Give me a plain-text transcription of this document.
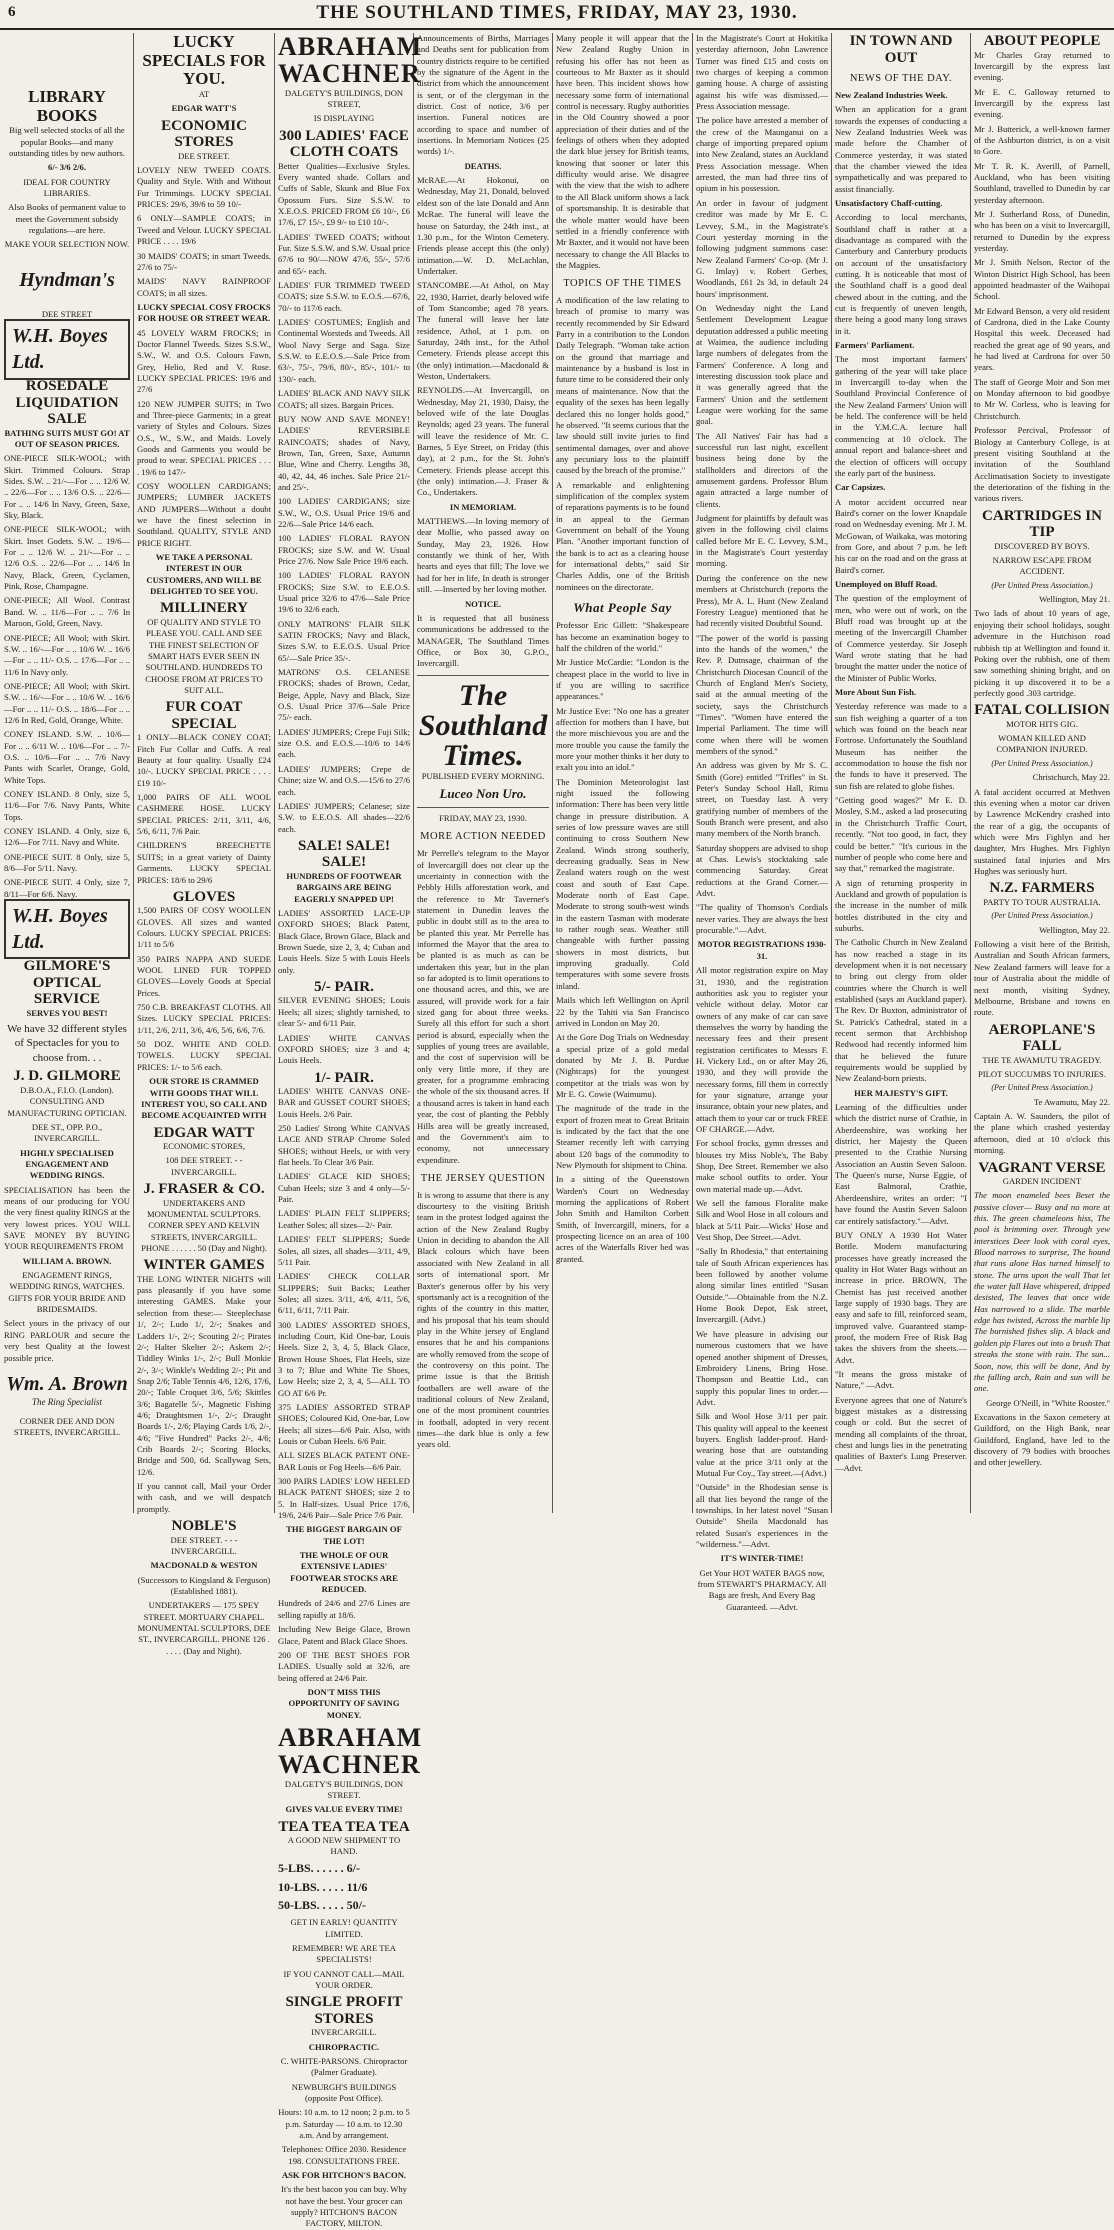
6	THE SOUTHLAND TIMES, FRIDAY, MAY 23, 1930.
LIBRARY BOOKS

Big well selected stocks of all the popular Books—and many outstanding titles by new authors.

6/- 3/6 2/6.

IDEAL FOR COUNTRY LIBRARIES.

Also Books of permanent value to meet the Government subsidy regulations—are here.

MAKE YOUR SELECTION NOW.

Hyndman's

DEE STREET

W.H. Boyes Ltd.
ROSEDALE LIQUIDATION SALE

BATHING SUITS MUST GO! AT OUT OF SEASON PRICES.

ONE-PIECE SILK-WOOL; with Skirt. Trimmed Colours. Strap Sides. S.W. .. 21/-—For .. .. 12/6 W. .. 22/6—For .. .. 13/6 O.S. .. 22/6—For .. .. 14/6 In Navy, Green, Saxe, Sky, Black.

ONE-PIECE SILK-WOOL; with Skirt. Inset Godets. S.W. .. 19/6—For .. .. 12/6 W. .. 21/-—For .. .. 12/6 O.S. .. 22/6—For .. .. 14/6 In Navy, Black, Green, Cyclamen, Pink, Rose, Champagne.

ONE-PIECE; All Wool. Contrast Band. W. .. 11/6—For .. .. 7/6 In Maroon, Gold, Green, Navy.

ONE-PIECE; All Wool; with Skirt. S.W. .. 16/-—For .. .. 10/6 W. .. 16/6—For .. .. 11/- O.S. .. 17/6—For .. .. 11/6 In Navy only.

ONE-PIECE; All Wool; with Skirt. S.W. .. 16/-—For .. .. 10/6 W. .. 16/6—For .. .. 11/- O.S. .. 18/6—For .. .. 12/6 In Red, Gold, Orange, White.

CONEY ISLAND. S.W. .. 10/6—For .. .. 6/11 W. .. 10/6—For .. .. 7/- O.S. .. 10/6—For .. .. 7/6 Navy Pants with Scarlet, Orange, Gold, White Tops.

CONEY ISLAND. 8 Only, size 5, 11/6—For 7/6. Navy Pants, White Tops.

CONEY ISLAND. 4 Only, size 6, 12/6—For 7/11. Navy and White.

ONE-PIECE SUIT. 8 Only, size 5, 8/6—For 5/11. Navy.

ONE-PIECE SUIT. 4 Only, size 7, 8/11—For 6/6. Navy.

W.H. Boyes Ltd.
GILMORE'S OPTICAL SERVICE

SERVES YOU BEST!

We have 32 different styles of Spectacles for you to choose from. . .

J. D. GILMORE

D.B.O.A., F.I.O. (London). CONSULTING AND MANUFACTURING OPTICIAN.

DEE ST., OPP. P.O., INVERCARGILL.

HIGHLY SPECIALISED ENGAGEMENT AND WEDDING RINGS.

SPECIALISATION has been the means of our producing for YOU the very finest quality RINGS at the very lowest prices. YOU WILL SAVE MONEY BY BUYING YOUR REQUIREMENTS FROM

WILLIAM A. BROWN.

ENGAGEMENT RINGS, WEDDING RINGS, WATCHES. GIFTS FOR YOUR BRIDE AND BRIDESMAIDS.

Select yours in the privacy of our RING PARLOUR and secure the very best Quality at the lowest possible price.

Wm. A. Brown
The Ring Specialist

CORNER DEE AND DON STREETS, INVERCARGILL.

LUCKY SPECIALS FOR YOU.

AT

EDGAR WATT'S

ECONOMIC STORES

DEE STREET.

LOVELY NEW TWEED COATS. Quality and Style. With and Without Fur Trimmings. LUCKY SPECIAL PRICES: 29/6, 39/6 to 59 10/-

6 ONLY—SAMPLE COATS; in Tweed and Velour. LUCKY SPECIAL PRICE . . . . 19/6

30 MAIDS' COATS; in smart Tweeds. 27/6 to 75/-

MAIDS' NAVY RAINPROOF COATS; in all sizes.

LUCKY SPECIAL COSY FROCKS FOR HOUSE OR STREET WEAR.

45 LOVELY WARM FROCKS; in Doctor Flannel Tweeds. Sizes S.S.W., S.W., W. and O.S. Colours Fawn, Grey, Helio, Red and V. Rose. LUCKY SPECIAL PRICES: 19/6 and 27/6

120 NEW JUMPER SUITS; in Two and Three-piece Garments; in a great variety of Styles and Colours. Sizes O.S., W., S.W., and Maids. Lovely Goods and Garments you would be proud to wear. SPECIAL PRICES . . . . 19/6 to 147/-

COSY WOOLLEN CARDIGANS; JUMPERS; LUMBER JACKETS AND JUMPERS—Without a doubt we have the finest selection in Southland. QUALITY, STYLE AND PRICE RIGHT.

WE TAKE A PERSONAL INTEREST IN OUR CUSTOMERS, AND WILL BE DELIGHTED TO SEE YOU.

MILLINERY

OF QUALITY AND STYLE TO PLEASE YOU. CALL AND SEE THE FINEST SELECTION OF SMART HATS EVER SEEN IN SOUTHLAND. HUNDREDS TO CHOOSE FROM AT PRICES TO SUIT ALL.

FUR COAT SPECIAL

1 ONLY—BLACK CONEY COAT; Fitch Fur Collar and Cuffs. A real Beauty at four quality. Usually £24 10/-. LUCKY SPECIAL PRICE . . . . £19 10/-

1,000 PAIRS OF ALL WOOL CASHMERE HOSE. LUCKY SPECIAL PRICES: 2/11, 3/11, 4/6, 5/6, 6/11, 7/6 Pair.

CHILDREN'S BREECHETTE SUITS; in a great variety of Dainty Garments. LUCKY SPECIAL PRICES: 18/6 to 29/6

GLOVES

1,500 PAIRS OF COSY WOOLLEN GLOVES. All sizes and wanted Colours. LUCKY SPECIAL PRICES: 1/11 to 5/6

350 PAIRS NAPPA AND SUEDE WOOL LINED FUR TOPPED GLOVES—Lovely Goods at Special Prices.

750 C.B. BREAKFAST CLOTHS. All Sizes. LUCKY SPECIAL PRICES: 1/11, 2/6, 2/11, 3/6, 4/6, 5/6, 6/6, 7/6.

50 DOZ. WHITE AND COLD. TOWELS. LUCKY SPECIAL PRICES: 1/- to 5/6 each.

OUR STORE IS CRAMMED WITH GOODS THAT WILL INTEREST YOU, SO CALL AND BECOME ACQUAINTED WITH

EDGAR WATT

ECONOMIC STORES,

108 DEE STREET. - - INVERCARGILL.

J. FRASER & CO.

UNDERTAKERS AND MONUMENTAL SCULPTORS. CORNER SPEY AND KELVIN STREETS, INVERCARGILL. PHONE . . . . . . 50 (Day and Night).

WINTER GAMES

THE LONG WINTER NIGHTS will pass pleasantly if you have some interesting GAMES. Make your selection from these:— Steeplechase 1/, 2/-; Ludo 1/, 2/-; Snakes and Ladders 1/-, 2/-; Scouting 2/-; Pirates 2/-; Halter Skelter 2/-; Askem 2/-; Tiddley Winks 1/-, 2/-; Bull Monkie 2/-, 3/-; Winkle's Wedding 2/-; Pit and Snap 2/6; Table Tennis 4/6, 12/6, 17/6, 20/-; Table Croquet 3/6, 5/6; Skittles 3/6; Bagatelle 5/-, Magnetic Fishing 4/6; Draughtsmen 1/-, 2/-; Draught Boards 1/-, 2/6; Playing Cards 1/6, 2/-, 4/6; "Five Hundred" Packs 2/-, 4/6; Crib Boards 2/-; Scoring Blocks, Bridge and 500, 6d. Scallywag Sets, 12/6.

If you cannot call, Mail your Order with cash, and we will despatch promptly.

NOBLE'S

DEE STREET. - - - INVERCARGILL.

MACDONALD & WESTON

(Successors to Kingsland & Ferguson) (Established 1881).

UNDERTAKERS — 175 SPEY STREET. MORTUARY CHAPEL. MONUMENTAL SCULPTORS, DEE ST., INVERCARGILL. PHONE 126 . . . . . (Day and Night).

ABRAHAM WACHNER

DALGETY'S BUILDINGS, DON STREET,

IS DISPLAYING

300 LADIES' FACE CLOTH COATS

Better Qualities—Exclusive Styles. Every wanted shade. Collars and Cuffs of Sable, Skunk and Blue Fox Opossum Furs. Size S.S.W. to X.E.O.S. PRICED FROM £6 10/-, £6 17/6, £7 15/-, £9 9/- to £10 10/-.

LADIES' TWEED COATS; without Fur. Size S.S.W. and S.W. Usual price 67/6 to 90/—NOW 47/6, 55/-, 57/6 and 65/- each.

LADIES' FUR TRIMMED TWEED COATS; size S.S.W. to E.O.S.—67/6, 70/- to 117/6 each.

LADIES' COSTUMES; English and Continental Worsteds and Tweeds. All Wool Navy Serge and Saga. Size S.S.W. to E.E.O.S.—Sale Price from 63/-, 75/-, 79/6, 80/-, 85/-, 101/- to 130/- each.

LADIES' BLACK AND NAVY SILK COATS; all sizes. Bargain Prices.

BUY NOW AND SAVE MONEY! LADIES' REVERSIBLE RAINCOATS; shades of Navy, Brown, Tan, Green, Saxe, Autumn Blue, Wine and Cherry. Lengths 38, 40, 42, 44, 46 inches. Sale Price 21/- and 25/-.

100 LADIES' CARDIGANS; size S.W., W., O.S. Usual Price 19/6 and 22/6—Sale Price 14/6 each.

100 LADIES' FLORAL RAYON FROCKS; size S.W. and W. Usual Price 27/6. Now Sale Price 19/6 each.

100 LADIES' FLORAL RAYON FROCKS; Size S.W. to E.E.O.S. Usual price 32/6 to 47/6—Sale Price 19/6 to 32/6 each.

ONLY MATRONS' FLAIR SILK SATIN FROCKS; Navy and Black, Sizes S.W. to E.E.O.S. Usual Price 65/—Sale Price 35/-.

MATRONS' O.S. CELANESE FROCKS; shades of Brown, Cedar, Beige, Apple, Navy and Black, Size O.S. Usual Price 37/6—Sale Price 75/- each.

LADIES' JUMPERS; Crepe Fuji Silk; size O.S. and E.O.S.—10/6 to 14/6 each.

LADIES' JUMPERS; Crepe de Chine; size W. and O.S.—15/6 to 27/6 each.

LADIES' JUMPERS; Celanese; size S.W. to E.E.O.S. All shades—22/6 each.

SALE! SALE! SALE!

HUNDREDS OF FOOTWEAR BARGAINS ARE BEING EAGERLY SNAPPED UP!

LADIES' ASSORTED LACE-UP OXFORD SHOES; Black Patent, Black Glace, Brown Glace, Black and Brown Suede, size 2, 3, 4; Cuban and Louis Heels. Size 5 with Louis Heels only.

5/- PAIR.

SILVER EVENING SHOES; Louis Heels; all sizes; slightly tarnished, to clear 5/- and 6/11 Pair.

LADIES' WHITE CANVAS OXFORD SHOES; size 3 and 4; Louis Heels.

1/- PAIR.

LADIES' WHITE CANVAS ONE-BAR and GUSSET COURT SHOES; Louis Heels. 2/6 Pair.

250 Ladies' Strong White CANVAS LACE AND STRAP Chrome Soled SHOES; without Heels, or with very flat heels. To Clear 3/6 Pair.

LADIES' GLACE KID SHOES; Cuban Heels; size 3 and 4 only—5/- Pair.

LADIES' PLAIN FELT SLIPPERS; Leather Soles; all sizes—2/- Pair.

LADIES' FELT SLIPPERS; Suede Soles, all sizes, all shades—3/11, 4/9, 5/11 Pair.

LADIES' CHECK COLLAR SLIPPERS; Suit Backs; Leather Soles; all sizes. 3/11, 4/6, 4/11, 5/6, 6/11, 6/11, 7/11 Pair.

300 LADIES' ASSORTED SHOES, including Court, Kid One-bar, Louis Heels. Size 2, 3, 4, 5, Black Glace, Brown House Shoes, Flat Heels, size 3 to 7; Blue and White Tie Shoes, Low Heels; size 2, 3, 4, 5—ALL TO GO AT 6/6 Pr.

375 LADIES' ASSORTED STRAP SHOES; Coloured Kid, One-bar, Low Heels; all sizes—6/6 Pair. Also, with Louis or Cuban Heels. 6/6 Pair.

ALL SIZES BLACK PATENT ONE-BAR Louis or Fog Heels—6/6 Pair.

300 PAIRS LADIES' LOW HEELED BLACK PATENT SHOES; size 2 to 5. In Half-sizes. Usual Price 17/6, 19/6, 24/6 Pair—Sale Price 7/6 Pair.

THE BIGGEST BARGAIN OF THE LOT!

THE WHOLE OF OUR EXTENSIVE LADIES' FOOTWEAR STOCKS ARE REDUCED.

Hundreds of 24/6 and 27/6 Lines are selling rapidly at 18/6.

Including New Beige Glace, Brown Glace, Patent and Black Glace Shoes.

200 OF THE BEST SHOES FOR LADIES. Usually sold at 32/6, are being offered at 24/6 Pair.

DON'T MISS THIS OPPORTUNITY OF SAVING MONEY.

ABRAHAM WACHNER

DALGETY'S BUILDINGS, DON STREET.

GIVES VALUE EVERY TIME!

TEA TEA TEA TEA

A GOOD NEW SHIPMENT TO HAND.

5-LBS. . . . . . 6/-

10-LBS. . . . . 11/6

50-LBS. . . . . 50/-

GET IN EARLY! QUANTITY LIMITED.

REMEMBER! WE ARE TEA SPECIALISTS!

IF YOU CANNOT CALL—MAIL YOUR ORDER.

SINGLE PROFIT STORES

INVERCARGILL.

CHIROPRACTIC.

C. WHITE-PARSONS. Chiropractor (Palmer Graduate).

NEWBURGH'S BUILDINGS (opposite Post Office).

Hours: 10 a.m. to 12 noon; 2 p.m. to 5 p.m. Saturday — 10 a.m. to 12.30 a.m. And by arrangement.

Telephones: Office 2030. Residence 198. CONSULTATIONS FREE.

ASK FOR HITCHON'S BACON.

It's the best bacon you can buy. Why not have the best. Your grocer can supply? HITCHON'S BACON FACTORY, MILTON.

Announcements of Births, Marriages and Deaths sent for publication from country districts require to be certified by the signature of the Agent in the district from which the announcement is sent, or of the clergyman in the district. Cost of notice, 3/6 per insertion. Funeral notices are according to space and number of insertions. In Memoriam Notices (25 words) 1/-.

DEATHS.

McRAE.—At Hokonui, on Wednesday, May 21, Donald, beloved eldest son of the late Donald and Ann McRae. The funeral will leave the house on Saturday, the 24th inst., at 1.30 p.m., for the Winton Cemetery. Friends please accept this (the only) intimation.—W. D. McLachlan, Undertaker.

STANCOMBE.—At Athol, on May 22, 1930, Harriet, dearly beloved wife of Tom Stancombe; aged 78 years. The funeral will leave her late residence, Athol, at 1 p.m. on Saturday, 24th inst., for the Athol Cemetery. Friends please accept this (the only) intimation.—Macdonald & Weston, Undertakers.

REYNOLDS.—At Invercargill, on Wednesday, May 21, 1930, Daisy, the beloved wife of the late Douglas Reynolds; aged 23 years. The funeral will leave the residence of Mr. C. Barnes, 5 Eye Street, on Friday (this day), at 2 p.m., for the St. John's Cemetery. Friends please accept this (the only) intimation.—J. Fraser & Co., Undertakers.

IN MEMORIAM.

MATTHEWS.—In loving memory of dear Mollie, who passed away on Sunday, May 23, 1926. How constantly we think of her, With hearts and eyes that fill; The love we had for her in life, In death is stronger still. —Inserted by her loving mother.

NOTICE.

It is requested that all business communications be addressed to the MANAGER, The Southland Times Office, or Box 30, G.P.O., Invercargill.

The Southland Times.

PUBLISHED EVERY MORNING.

Luceo Non Uro.

FRIDAY, MAY 23, 1930.

MORE ACTION NEEDED

Mr Perrelle's telegram to the Mayor of Invercargill does not clear up the uncertainty in connection with the Pebbly Hills afforestation work, and the reference to Mr Taverner's statement in Dunedin leaves the public in doubt still as to the area to be planted this year. Mr Perrelle has informed the Mayor that the area to be planted is as much as can be undertaken this year, but in the plan so far adopted is to limit operations to one thousand acres, and this, we are assured, will provide work for a fair sized gang for about three weeks. Surely all this effort for such a short period is absurd, especially when the supplies of young trees are available, and the cost of supervision will be only very little more, if they are greater, for a programme embracing the whole of the six thousand acres. If a thousand acres is taken in hand each year, the cost of planting the Pebbly Hills area will be greatly increased, and the Government's aim to economy, not unnecessary expenditure.

THE JERSEY QUESTION

It is wrong to assume that there is any discourtesy to the visiting British team in the protest lodged against the action of the New Zealand Rugby Union in deciding to abandon the All Black colours which have been associated with New Zealand in all sorts of international sport. Mr Baxter's generous offer by his very sportsmanly act is a recognition of the rights of the country in this matter, and his proposal that his team should play in the White jersey of England ensures that he and his companions are wholly removed from the scope of the controversy on this point. The prime issue is that the British footballers are well aware of the traditional colours of New Zealand, one of the most prominent countries in football, adopted in very recent times—the dark blue is only a few years old.

Many people it will appear that the New Zealand Rugby Union in refusing his offer has not been as courteous to Mr Baxter as it should have been. This incident shows how necessary some form of international control is necessary. Rugby authorities in the Old Country showed a poor appreciation of their duties and of the feelings of others when they adopted the dark blue jersey for British teams, knowing that sooner or later this difficulty would arise. We disagree with the view that the wish to adhere to the All Black uniform shows a lack of sportsmanship. It is desirable that the whole matter would have been settled in a friendly conference with Mr Baxter, and it would not have been necessary to change the All Blacks to the Magpies.

TOPICS OF THE TIMES

A modification of the law relating to breach of promise to marry was recently recommended by Sir Edward Parry in a contribution to the London Daily Telegraph. "Woman take action on the ground that marriage and maintenance by a husband is lost in future time to be considered their only means of maintenance. Now that the equality of the sexes has been legally declared this no longer holds good," he observed. "It seems curious that the law should still invite juries to find sentimental damages, over and above any pecuniary loss to the plaintiff caused by the breach of the promise."

A remarkable and enlightening simplification of the complex system of reparations payments is to be found in an appeal to the German Government on behalf of the Young Plan. "Another important function of the bank is to act as a clearing house for international debts," said Sir Charles Addis, one of the British nominees on the directorate.

What People Say

Professor Eric Gillett: "Shakespeare has become an examination bogey to half the children of the world."

Mr Justice McCardie: "London is the cheapest place in the world to live in if you are willing to sacrifice appearances."

Mr Justice Eve: "No one has a greater affection for mothers than I have, but the more mischievous you are and the more trouble you cause the family the more your mother thinks it her duty to exalt you into an idol."

The Dominion Meteorologist last night issued the following information: There has been very little change in pressure distribution. A series of low pressure waves are still continuing to cross Southern New Zealand. Winds strong southerly, decreasing gradually. Seas in New Zealand waters rough on the west coast and south of East Cape. Moderate north of East Cape. Moderate to strong south-west winds in the eastern Tasman with moderate to rather rough seas. Weather still changeable with further passing showers in most districts, but improving gradually. Cold temperatures with some severe frosts inland.

Mails which left Wellington on April 22 by the Tahiti via San Francisco arrived in London on May 20.

At the Gore Dog Trials on Wednesday a special prize of a gold medal donated by Mr J. B. Purdue (Nightcaps) for the youngest competitor at the trials was won by Mr E. G. Cowie (Waimumu).

The magnitude of the trade in the export of frozen meat to Great Britain is indicated by the fact that the one Steamer recently left with carrying about 120 bags of the commodity to New Plymouth for shipment to China.

In a sitting of the Queenstown Warden's Court on Wednesday morning the applications of Robert John Smith and Hamilton Corbett Smith, of Invercargill, miners, for a prospecting licence on an area of 100 acres of the Waterfalls River bed was granted.

In the Magistrate's Court at Hokitika yesterday afternoon, John Lawrence Turner was fined £15 and costs on two charges of keeping a common gaming house. A charge of assisting against his wife was dismissed.—Press Association message.

The police have arrested a member of the crew of the Maunganui on a charge of importing prepared opium into New Zealand, states an Auckland Press Association message. When arrested, the man had three tins of opium in his possession.

An order in favour of judgment creditor was made by Mr E. C. Levvey, S.M., in the Magistrate's Court yesterday morning in the following judgment summons case: New Zealand Farmers' Co-op. (Mr J. G. Imlay) v. Robert Gerbes, Woodlands, £61 2s 3d, in default 24 hours' imprisonment.

On Wednesday night the Land Settlement Development League deputation addressed a public meeting at Waimea, the audience including large numbers of delegates from the Farmers' Conference. A long and interesting discussion took place and it was generally agreed that the Farmers' Union and the settlement League were working for the same goal.

The All Natives' Fair has had a successful run last night, excellent business being done by the stallholders and directors of the amusement gardens. Professor Blum again attracted a large number of clients.

Judgment for plaintiffs by default was given in the following civil claims called before Mr E. C. Levvey, S.M., in the Magistrate's Court yesterday morning.

During the conference on the new members at Christchurch (reports the Press), Mr A. L. Hunt (New Zealand Forestry League) mentioned that he had recently visited Doubtful Sound.

"The power of the world is passing into the hands of the women," the Rev. P. Dutnsage, chairman of the Christchurch Diocesan Council of the Church of England Men's Society, said at the annual meeting of the society, says the Christchurch "Times". "Women have entered the Imperial Parliament. The time will come when there will be women members of the synod."

An address was given by Mr S. C. Smith (Gore) entitled "Trifles" in St. Peter's Sunday School Hall, Rimu street, on Tuesday last. A very gratifying number of members of the South Branch were present, and also many members of the North branch.

Saturday shoppers are advised to shop at Chas. Lewis's stocktaking sale commencing Saturday. Great reductions at the Grand Corner.—Advt.

"The quality of Thomson's Cordials never varies. They are always the best procurable."—Advt.

MOTOR REGISTRATIONS 1930-31.

All motor registration expire on May 31, 1930, and the registration authorities ask you to register your vehicle without delay. Motor car owners of any make of car can save themselves the worry by handing the necessary fees and their present registration certificates to Messrs F. H. Vickery Ltd., on or after May 26, 1930, and they will provide the necessary forms, fill them in correctly for your signature, arrange your insurance, obtain your new plates, and attach them to your car or truck FREE OF CHARGE.—Advt.

For school frocks, gymn dresses and blouses try Miss Noble's, The Baby Shop, Dee Street. Remember we also make school outfits to order. Your own material made up.—Advt.

We sell the famous Floralite make Silk and Wool Hose in all colours and black at 5/11 Pair.—Wicks' Hose and Vest Shop, Dee Street.—Advt.

"Sally In Rhodesia," that entertaining tale of South African experiences has been followed by another volume along similar lines entitled "Susan Outside."—Obtainable from the N.Z. Home Book Depot, Esk street, Invercargill. (Advt.)

We have pleasure in advising our numerous customers that we have opened another shipment of Dresses, Embroidery Linens, Bring Hose. Thompson and Beattie Ltd., can supply this popular lines to order.—Advt.

Silk and Wool Hose 3/11 per pair. This quality will appeal to the keenest buyers. English ladder-proof. Hard-wearing hose that are outstanding value at the price 3/11 only at the Mutual Fur Coy., Tay street.—(Advt.)

"Outside" in the Rhodesian sense is all that lies beyond the range of the townships. In her latest novel "Susan Outside" Sheila Macdonald has related Susan's experiences in the "wilderness."—Advt.

IT'S WINTER-TIME!

Get Your HOT WATER BAGS now, from STEWART'S PHARMACY. All Bags are fresh, And Every Bag Guaranteed. —Advt.

IN TOWN AND OUT
NEWS OF THE DAY.

New Zealand Industries Week.

When an application for a grant towards the expenses of conducting a New Zealand Industries Week was made before the Chamber of Commerce yesterday, it was stated that the chamber viewed the idea sympathetically and was prepared to assist financially.

Unsatisfactory Chaff-cutting.

According to local merchants, Southland chaff is rather at a disadvantage as compared with the Canterbury and Canterbury products on account of the unsatisfactory cutting. It is noticeable that most of the Southland chaff is a good deal chewed about in the cutting, and the cut is frequently of uneven length, there being a good many long straws in it.

Farmers' Parliament.

The most important farmers' gathering of the year will take place in Invercargill to-day when the Southland Provincial Conference of the New Zealand Farmers' Union will be held. The conference will be held in the Y.M.C.A. lecture hall commencing at 10 o'clock. The annual report and balance-sheet and the election of officers will occupy the early part of the business.

Car Capsizes.

A motor accident occurred near Baird's corner on the lower Knapdale road on Wednesday evening. Mr J. M. McGowan, of Waikaka, was motoring from Gore, and about 7 p.m. he left his car on the road and on the grass at Baird's corner.

Unemployed on Bluff Road.

The question of the employment of men, who were out of work, on the Bluff road was brought up at the meeting of the Invercargill Chamber of Commerce yesterday. Sir Joseph Ward wrote stating that he had brought the matter under the notice of the Minister of Public Works.

More About Sun Fish.

Yesterday reference was made to a sun fish weighing a quarter of a ton which was found on the beach near Fortrose. Unfortunately the Southland Museum has neither the accommodation to house the fish nor the funds to have it preserved. The sun fish are related to globe fishes.

"Getting good wages?" Mr E. D. Mosley, S.M., asked a lad prosecuting in the Christchurch Traffic Court, recently. "Not too good, in fact, they could be better." "It's curious in the number of people who come here and say that," remarked the magistrate.

A sign of returning prosperity in Auckland and growth of population is the increase in the number of milk bottles distributed in the city and suburbs.

The Catholic Church in New Zealand has now reached a stage in its development when it is not necessary to bring out clergy from older countries where the Church is well established (says an Auckland paper). The Rev. Dr Buxton, administrator of St. Patrick's Cathedral, stated in a recent sermon that Archbishop Redwood had recently informed him that he believed the future requirements would be supplied by New Zealand-born priests.

HER MAJESTY'S GIFT.

Learning of the difficulties under which the district nurse of Crathie, in Aberdeenshire, was working her district, her Majesty the Queen presented to the Crathie Nursing Association an Austin Seven Saloon. The Queen's nurse, Nurse Eggie, of East Balmoral, Crathie, Aberdeenshire, writes an order: "I have found the Austin Seven Saloon car entirely satisfactory."—Advt.

BUY ONLY A 1930 Hot Water Bottle. Modern manufacturing processes have greatly increased the quality in Hot Water Bags without an increase in price. BROWN, The Chemist has just received another large supply of 1930 bags. They are easy and safe to fill, reinforced seam, improved valve. Guaranteed stamp-proof, the modern Free of Risk Bag takes the shivers from the sheets.—Advt.

"It means the gross mistake of Nature," —Advt.

Everyone agrees that one of Nature's biggest mistakes as a distressing cough or cold. But the secret of mending all complaints of the throat, chest and lungs lies in the penetrating qualities of Baxter's Lung Preserver.—Advt.

ABOUT PEOPLE

Mr Charles Gray returned to Invercargill by the express last evening.

Mr E. C. Galloway returned to Invercargill by the express last evening.

Mr J. Butterick, a well-known farmer of the Ashburton district, is on a visit to Gore.

Mr T. R. K. Averill, of Parnell, Auckland, who has been visiting Southland, travelled to Dunedin by car yesterday afternoon.

Mr J. Sutherland Ross, of Dunedin, who has been on a visit to Invercargill, returned to Dunedin by the express yesterday.

Mr J. Smith Nelson, Rector of the Winton District High School, has been appointed headmaster of the Waihopai School.

Mr Edward Benson, a very old resident of Cardrona, died in the Lake County Hospital this week. Deceased had reached the great age of 90 years, and he had lived at Cardrona for over 50 years.

The staff of George Moir and Son met on Monday afternoon to bid goodbye to Mr W. Corless, who is leaving for Christchurch.

Professor Percival, Professor of Biology at Canterbury College, is at present visiting Southland at the invitation of the Southland Acclimatisation Society to investigate the deterioration of the fishing in the various rivers.

CARTRIDGES IN TIP

DISCOVERED BY BOYS.

NARROW ESCAPE FROM ACCIDENT.

(Per United Press Association.)

Wellington, May 21.

Two lads of about 10 years of age, enjoying their school holidays, sought adventure in the Hutchison road rubbish tip at Wellington and found it. Poking over the rubbish, one of them saw something shining bright, and on picking it up discovered it to be a perfectly good .303 cartridge.

FATAL COLLISION

MOTOR HITS GIG.

WOMAN KILLED AND COMPANION INJURED.

(Per United Press Association.)

Christchurch, May 22.

A fatal accident occurred at Methven this evening when a motor car driven by Lawrence McKendry crashed into the rear of a gig, the occupants of which were Mrs Fighlyn and her daughter, Mrs Hughes. Mrs Fighlyn sustained fatal injuries and Mrs Hughes was seriously hurt.

N.Z. FARMERS

PARTY TO TOUR AUSTRALIA.

(Per United Press Association.)

Wellington, May 22.

Following a visit here of the British, Australian and South African farmers, New Zealand farmers will leave for a tour of Australia about the middle of next month, visiting Sydney, Melbourne, Brisbane and towns en route.

AEROPLANE'S FALL

THE TE AWAMUTU TRAGEDY.

PILOT SUCCUMBS TO INJURIES.

(Per United Press Association.)

Te Awamutu, May 22.

Captain A. W. Saunders, the pilot of the plane which crashed yesterday afternoon, died at 10 o'clock this morning.

VAGRANT VERSE

GARDEN INCIDENT

The moon enameled bees Beset the passive clover— Busy and no more at this. The green chameleons hiss, The pool is brimming over. Through yew interstices Deer look with coral eyes, Blood narrows to surprise, The hound that runs alone Has turned himself to stone. The urns upon the wall That let the water fall Have whispered, dripped desisted, The leaves that once wide Has narrowed to a slide. The marble edge has twisted, Across the marble lip The burnished fishes slip. A black and golden pip Flares out into a brush That streaks the stone with rain. The sun... Soon, now, this will be done, And by the falling arch, Rain and sun will be one.

George O'Neill, in "White Rooster."

Excavations in the Saxon cemetery at Guildford, on the High Bank, near Guildford, England, have led to the discovery of 79 bodies with brooches and other jewellery.
